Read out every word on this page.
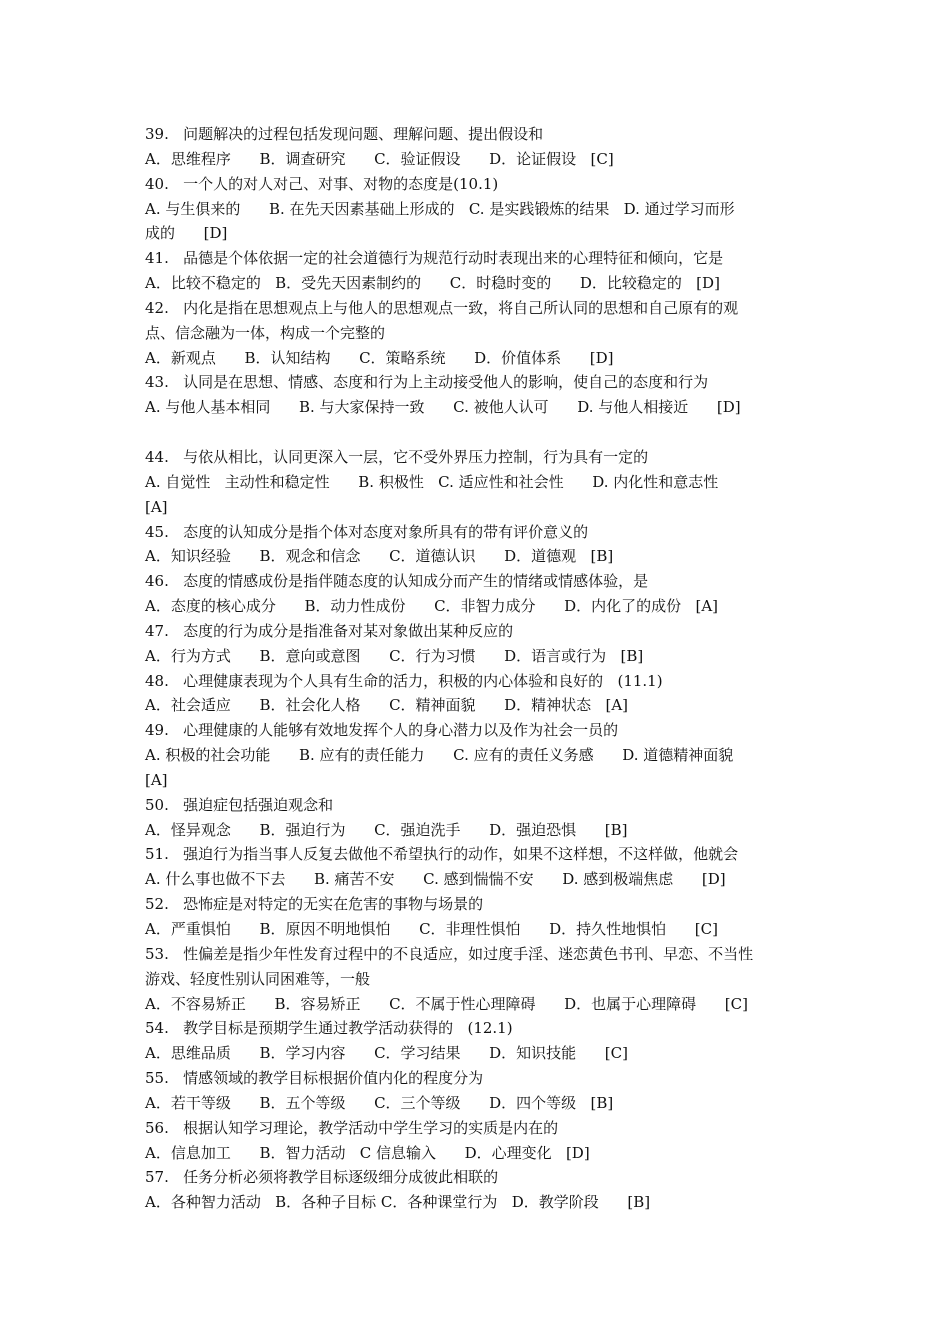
39.   问题解决的过程包括发现问题、理解问题、提出假设和
A．思维程序      B．调查研究      C．验证假设      D．论证假设   [C]
40.   一个人的对人对己、对事、对物的态度是(10.1)
A. 与生俱来的      B. 在先天因素基础上形成的   C. 是实践锻炼的结果   D. 通过学习而形
成的      [D]
41.   品德是个体依据一定的社会道德行为规范行动时表现出来的心理特征和倾向，它是
A．比较不稳定的   B．受先天因素制约的      C．时稳时变的      D．比较稳定的   [D]
42.   内化是指在思想观点上与他人的思想观点一致，将自己所认同的思想和自己原有的观
点、信念融为一体，构成一个完整的
A．新观点      B．认知结构      C．策略系统      D．价值体系      [D]
43.   认同是在思想、情感、态度和行为上主动接受他人的影响，使自己的态度和行为
A. 与他人基本相同      B. 与大家保持一致      C. 被他人认可      D. 与他人相接近      [D]
44.   与依从相比，认同更深入一层，它不受外界压力控制，行为具有一定的
A. 自觉性   主动性和稳定性      B. 积极性   C. 适应性和社会性      D. 内化性和意志性
[A]
45.   态度的认知成分是指个体对态度对象所具有的带有评价意义的
A．知识经验      B．观念和信念      C．道德认识      D．道德观   [B]
46.   态度的情感成份是指伴随态度的认知成分而产生的情绪或情感体验，是
A．态度的核心成分      B．动力性成份      C．非智力成分      D．内化了的成份   [A]
47.   态度的行为成分是指准备对某对象做出某种反应的
A．行为方式      B．意向或意图      C．行为习惯      D．语言或行为   [B]
48.   心理健康表现为个人具有生命的活力，积极的内心体验和良好的   (11.1)
A．社会适应      B．社会化人格      C．精神面貌      D．精神状态   [A]
49.   心理健康的人能够有效地发挥个人的身心潜力以及作为社会一员的
A. 积极的社会功能      B. 应有的责任能力      C. 应有的责任义务感      D. 道德精神面貌
[A]
50.   强迫症包括强迫观念和
A．怪异观念      B．强迫行为      C．强迫洗手      D．强迫恐惧      [B]
51.   强迫行为指当事人反复去做他不希望执行的动作，如果不这样想，不这样做，他就会
A. 什么事也做不下去      B. 痛苦不安      C. 感到惴惴不安      D. 感到极端焦虑      [D]
52.   恐怖症是对特定的无实在危害的事物与场景的
A．严重惧怕      B．原因不明地惧怕      C．非理性惧怕      D．持久性地惧怕      [C]
53.   性偏差是指少年性发育过程中的不良适应，如过度手淫、迷恋黄色书刊、早恋、不当性
游戏、轻度性别认同困难等，一般
A．不容易矫正      B．容易矫正      C．不属于性心理障碍      D．也属于心理障碍      [C]
54.   教学目标是预期学生通过教学活动获得的   (12.1)
A．思维品质      B．学习内容      C．学习结果      D．知识技能      [C]
55.   情感领域的教学目标根据价值内化的程度分为
A．若干等级      B．五个等级      C．三个等级      D．四个等级   [B]
56.   根据认知学习理论，教学活动中学生学习的实质是内在的
A．信息加工      B．智力活动   C 信息输入      D．心理变化   [D]
57.   任务分析必须将教学目标逐级细分成彼此相联的
A．各种智力活动   B．各种子目标 C．各种课堂行为   D．教学阶段      [B]
